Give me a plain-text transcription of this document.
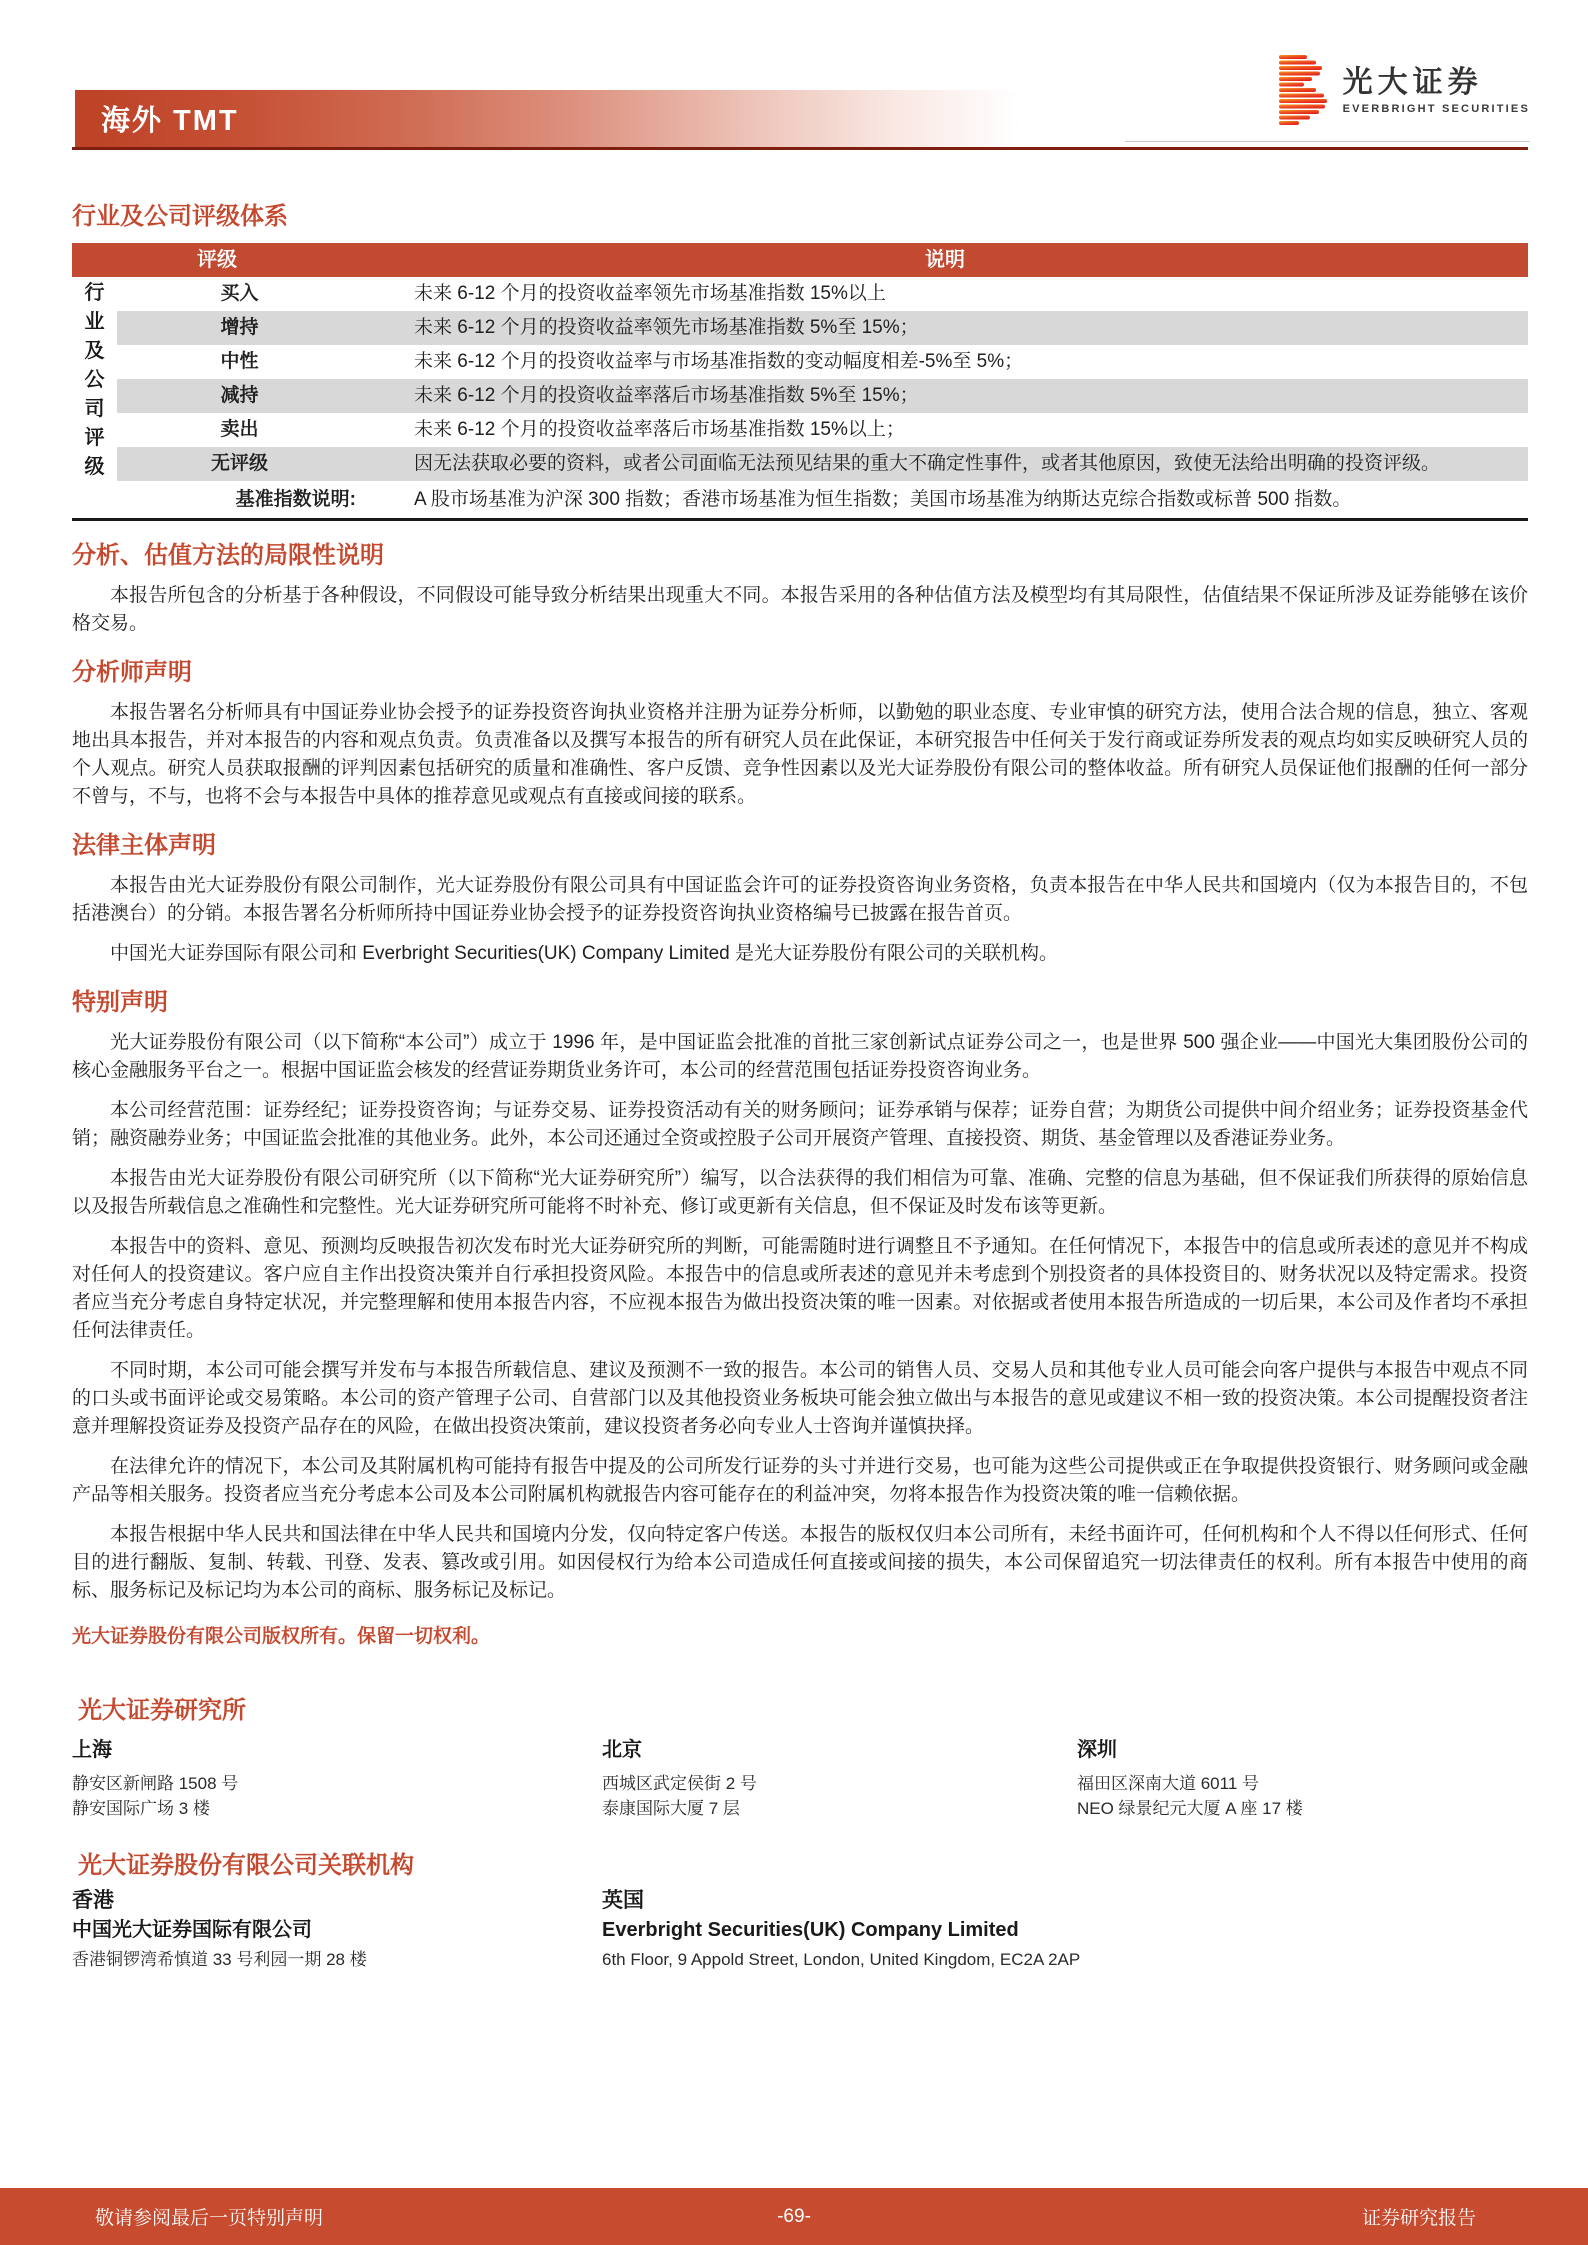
海外 TMT
光大证券
EVERBRIGHT SECURITIES
行业及公司评级体系
评级	说明
行业及公司评级
买入	未来 6-12 个月的投资收益率领先市场基准指数 15%以上
增持	未来 6-12 个月的投资收益率领先市场基准指数 5%至 15%；
中性	未来 6-12 个月的投资收益率与市场基准指数的变动幅度相差-5%至 5%；
减持	未来 6-12 个月的投资收益率落后市场基准指数 5%至 15%；
卖出	未来 6-12 个月的投资收益率落后市场基准指数 15%以上；
无评级	因无法获取必要的资料，或者公司面临无法预见结果的重大不确定性事件，或者其他原因，致使无法给出明确的投资评级。
基准指数说明:	A 股市场基准为沪深 300 指数；香港市场基准为恒生指数；美国市场基准为纳斯达克综合指数或标普 500 指数。
分析、估值方法的局限性说明

本报告所包含的分析基于各种假设，不同假设可能导致分析结果出现重大不同。本报告采用的各种估值方法及模型均有其局限性，估值结果不保证所涉及证券能够在该价格交易。

分析师声明

本报告署名分析师具有中国证券业协会授予的证券投资咨询执业资格并注册为证券分析师，以勤勉的职业态度、专业审慎的研究方法，使用合法合规的信息，独立、客观地出具本报告，并对本报告的内容和观点负责。负责准备以及撰写本报告的所有研究人员在此保证，本研究报告中任何关于发行商或证券所发表的观点均如实反映研究人员的个人观点。研究人员获取报酬的评判因素包括研究的质量和准确性、客户反馈、竞争性因素以及光大证券股份有限公司的整体收益。所有研究人员保证他们报酬的任何一部分不曾与，不与，也将不会与本报告中具体的推荐意见或观点有直接或间接的联系。

法律主体声明

本报告由光大证券股份有限公司制作，光大证券股份有限公司具有中国证监会许可的证券投资咨询业务资格，负责本报告在中华人民共和国境内（仅为本报告目的，不包括港澳台）的分销。本报告署名分析师所持中国证券业协会授予的证券投资咨询执业资格编号已披露在报告首页。

中国光大证券国际有限公司和 Everbright Securities(UK) Company Limited 是光大证券股份有限公司的关联机构。

特别声明

光大证券股份有限公司（以下简称“本公司”）成立于 1996 年，是中国证监会批准的首批三家创新试点证券公司之一，也是世界 500 强企业——中国光大集团股份公司的核心金融服务平台之一。根据中国证监会核发的经营证券期货业务许可，本公司的经营范围包括证券投资咨询业务。

本公司经营范围：证券经纪；证券投资咨询；与证券交易、证券投资活动有关的财务顾问；证券承销与保荐；证券自营；为期货公司提供中间介绍业务；证券投资基金代销；融资融券业务；中国证监会批准的其他业务。此外，本公司还通过全资或控股子公司开展资产管理、直接投资、期货、基金管理以及香港证券业务。

本报告由光大证券股份有限公司研究所（以下简称“光大证券研究所”）编写，以合法获得的我们相信为可靠、准确、完整的信息为基础，但不保证我们所获得的原始信息以及报告所载信息之准确性和完整性。光大证券研究所可能将不时补充、修订或更新有关信息，但不保证及时发布该等更新。

本报告中的资料、意见、预测均反映报告初次发布时光大证券研究所的判断，可能需随时进行调整且不予通知。在任何情况下，本报告中的信息或所表述的意见并不构成对任何人的投资建议。客户应自主作出投资决策并自行承担投资风险。本报告中的信息或所表述的意见并未考虑到个别投资者的具体投资目的、财务状况以及特定需求。投资者应当充分考虑自身特定状况，并完整理解和使用本报告内容，不应视本报告为做出投资决策的唯一因素。对依据或者使用本报告所造成的一切后果，本公司及作者均不承担任何法律责任。

不同时期，本公司可能会撰写并发布与本报告所载信息、建议及预测不一致的报告。本公司的销售人员、交易人员和其他专业人员可能会向客户提供与本报告中观点不同的口头或书面评论或交易策略。本公司的资产管理子公司、自营部门以及其他投资业务板块可能会独立做出与本报告的意见或建议不相一致的投资决策。本公司提醒投资者注意并理解投资证券及投资产品存在的风险，在做出投资决策前，建议投资者务必向专业人士咨询并谨慎抉择。

在法律允许的情况下，本公司及其附属机构可能持有报告中提及的公司所发行证券的头寸并进行交易，也可能为这些公司提供或正在争取提供投资银行、财务顾问或金融产品等相关服务。投资者应当充分考虑本公司及本公司附属机构就报告内容可能存在的利益冲突，勿将本报告作为投资决策的唯一信赖依据。

本报告根据中华人民共和国法律在中华人民共和国境内分发，仅向特定客户传送。本报告的版权仅归本公司所有，未经书面许可，任何机构和个人不得以任何形式、任何目的进行翻版、复制、转载、刊登、发表、篡改或引用。如因侵权行为给本公司造成任何直接或间接的损失，本公司保留追究一切法律责任的权利。所有本报告中使用的商标、服务标记及标记均为本公司的商标、服务标记及标记。

光大证券股份有限公司版权所有。保留一切权利。
光大证券研究所
上海
静安区新闸路 1508 号
静安国际广场 3 楼
北京
西城区武定侯街 2 号
泰康国际大厦 7 层
深圳
福田区深南大道 6011 号
NEO 绿景纪元大厦 A 座 17 楼
光大证券股份有限公司关联机构
香港
中国光大证券国际有限公司
香港铜锣湾希慎道 33 号利园一期 28 楼
英国
Everbright Securities(UK) Company Limited
6th Floor, 9 Appold Street, London, United Kingdom, EC2A 2AP
敬请参阅最后一页特别声明	-69-	证券研究报告
